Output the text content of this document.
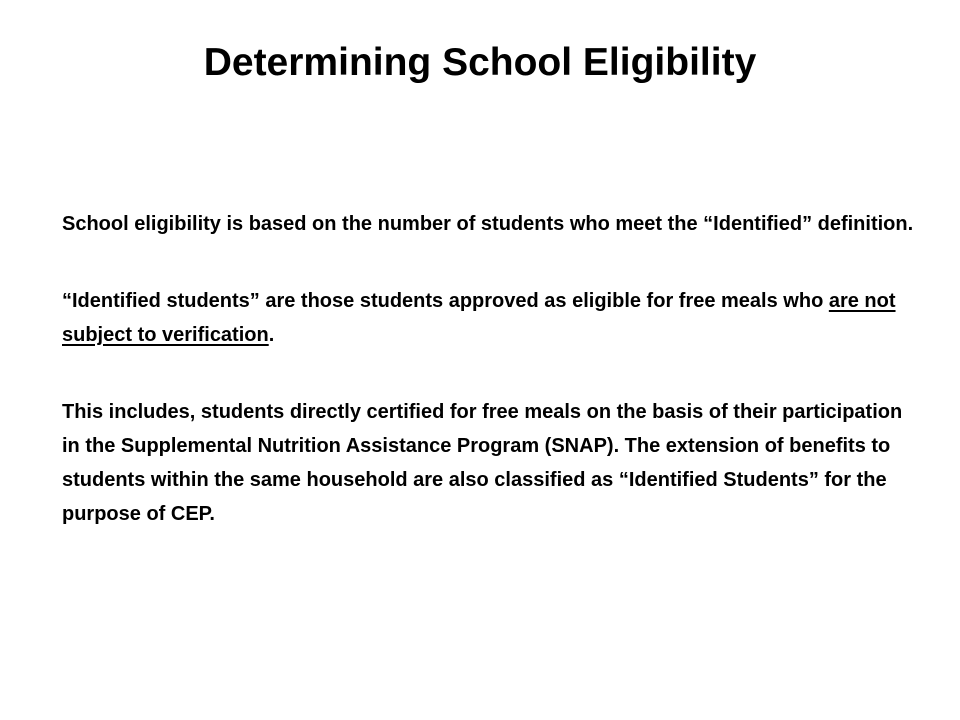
Determining School Eligibility

School eligibility is based on the number of students who meet the “Identified” definition.

“Identified students” are those students approved as eligible for free meals who are not subject to verification.

This includes, students directly certified for free meals on the basis of their participation in the Supplemental Nutrition Assistance Program (SNAP). The extension of benefits to students within the same household are also classified as “Identified Students” for the purpose of CEP.
